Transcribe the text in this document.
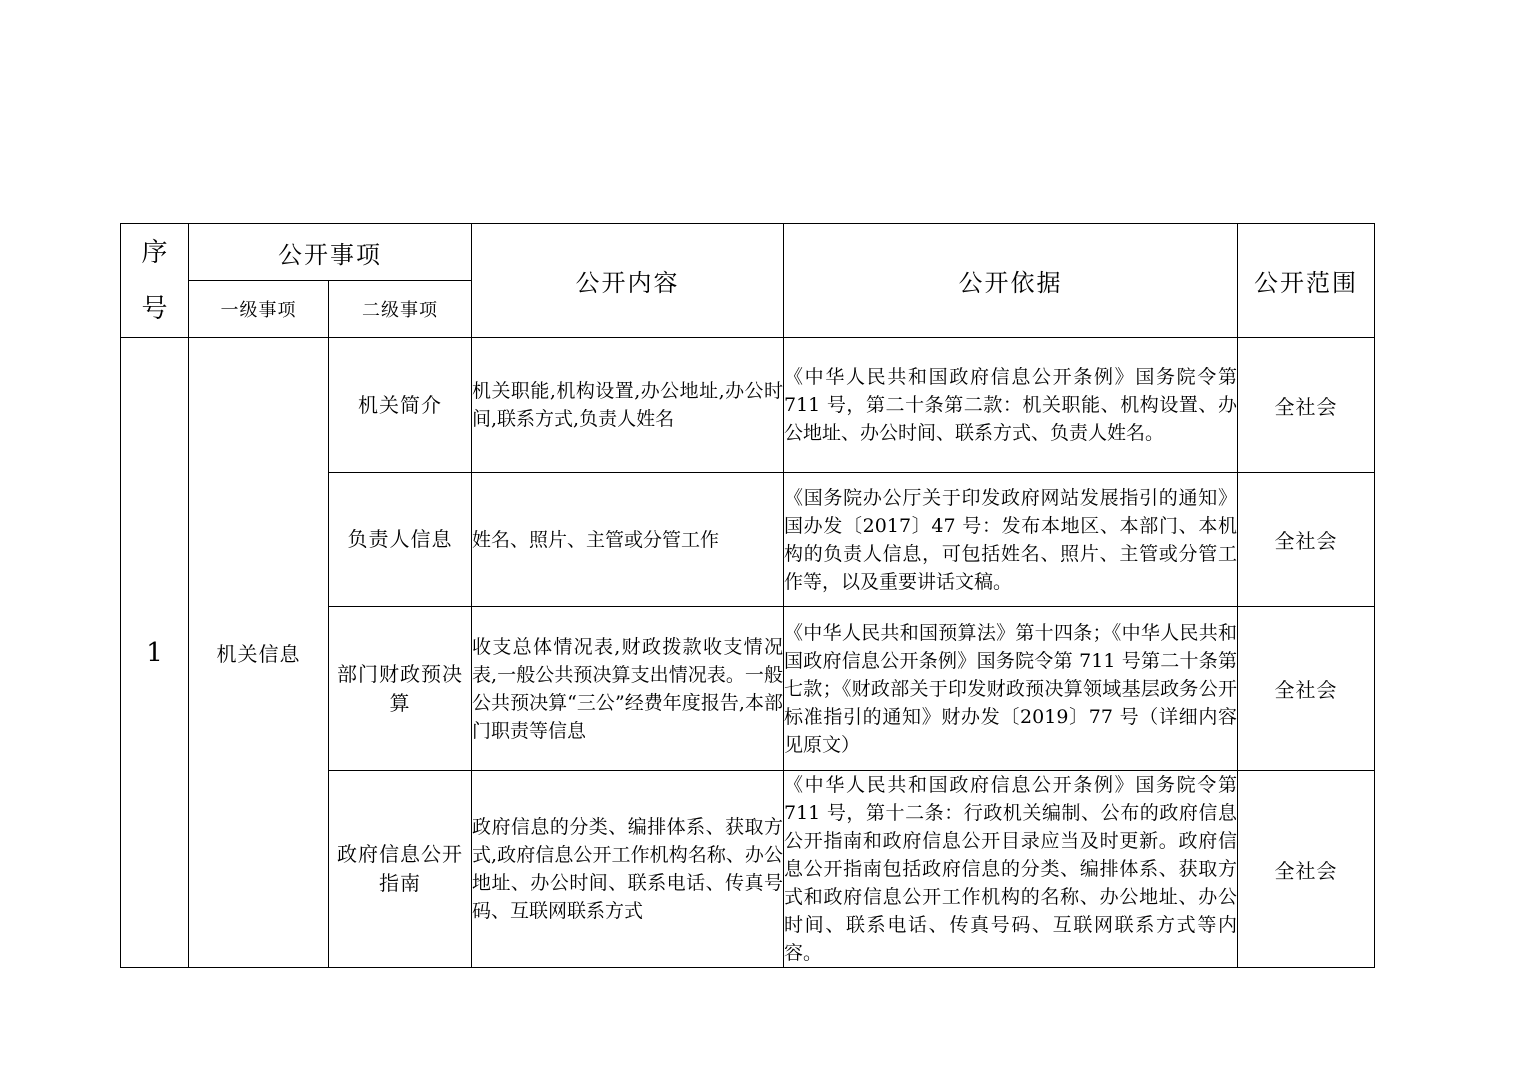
序号	公开事项		公开内容	公开依据	公开范围
	一级事项	二级事项			
1	机关信息	机关简介	机关职能,机构设置,办公地址,办公时间,联系方式,负责人姓名	《中华人民共和国政府信息公开条例》国务院令第 711 号，第二十条第二款：机关职能、机构设置、办公地址、办公时间、联系方式、负责人姓名。	全社会
		负责人信息	姓名、照片、主管或分管工作	《国务院办公厅关于印发政府网站发展指引的通知》国办发〔2017〕47 号：发布本地区、本部门、本机构的负责人信息，可包括姓名、照片、主管或分管工作等，以及重要讲话文稿。	全社会
		部门财政预决算	收支总体情况表,财政拨款收支情况表,一般公共预决算支出情况表。一般公共预决算“三公”经费年度报告,本部门职责等信息	《中华人民共和国预算法》第十四条；《中华人民共和国政府信息公开条例》国务院令第 711 号第二十条第七款；《财政部关于印发财政预决算领域基层政务公开标准指引的通知》财办发〔2019〕77 号（详细内容见原文）	全社会
		政府信息公开指南	政府信息的分类、编排体系、获取方式,政府信息公开工作机构名称、办公地址、办公时间、联系电话、传真号码、互联网联系方式	《中华人民共和国政府信息公开条例》国务院令第 711 号，第十二条：行政机关编制、公布的政府信息公开指南和政府信息公开目录应当及时更新。政府信息公开指南包括政府信息的分类、编排体系、获取方式和政府信息公开工作机构的名称、办公地址、办公时间、联系电话、传真号码、互联网联系方式等内容。	全社会
